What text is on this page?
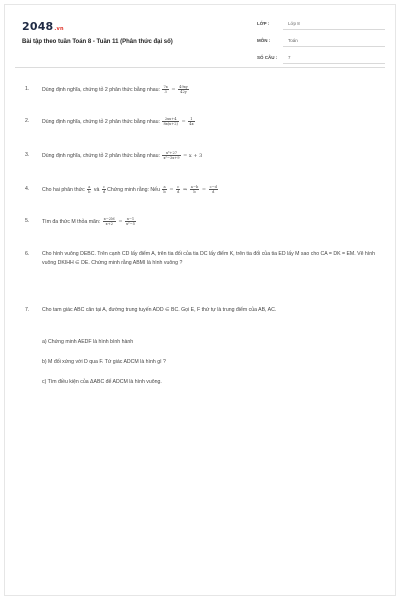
2048.vn
Bài tập theo tuần Toán 8 - Tuần 11 (Phân thức đại số)
LỚP :	Lớp 8
MÔN :	Toán
SỐ CÂU : 7
1. Dùng định nghĩa, chứng tỏ 2 phân thức bằng nhau: $\frac{7x}{3} = \frac{49xy}{42y}$
2. Dùng định nghĩa, chứng tỏ 2 phân thức bằng nhau: $\frac{2xx+4}{8x(x+2)} = \frac{1}{4x}$
3. Dùng định nghĩa, chứng tỏ 2 phân thức bằng nhau: $\frac{\text{x³+27}}{\text{x²−3x+9}} = x + 3$
4. Cho hai phân thức $\frac{a}{b}$ và $\frac{c}{d}$ Chứng minh rằng: Nếu $\frac{a}{b} = \frac{c}{d}$ ⇒ $\frac{a-b}{b} = \frac{c-d}{d}$
5. Tìm đa thức M thỏa mãn: $\frac{x-2M}{x+2} = \frac{x-1}{\text{x²−5}}$
6. Cho hình vuông DEBC. Trên cạnh CD lấy điểm A, trên tia đối của tia DC lấy điểm K, trên tia đối của tia ED lấy M sao cho CA = DK = EM. Vẽ hình vuông DKIHH ∈ DE. Chứng minh rằng ABMI là hình vuông ?
7. Cho tam giác ABC cân tại A, đường trung tuyến ADD ∈ BC. Gọi E, F thứ tự là trung điểm của AB, AC.
a) Chứng minh AEDF là hình bình hành
b) M đối xứng với D qua F. Tứ giác ADCM là hình gì ?
c) Tìm điều kiện của ΔABC để ADCM là hình vuông.
